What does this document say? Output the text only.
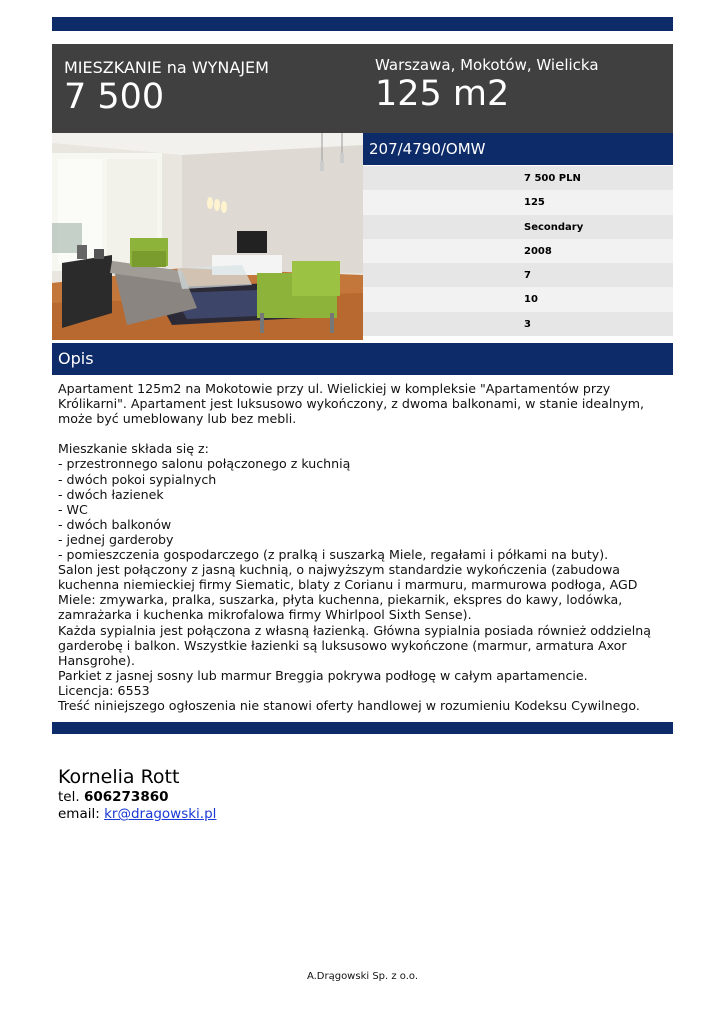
MIESZKANIE na WYNAJEM
7 500
Warszawa, Mokotów, Wielicka
125 m2
207/4790/OMW
7 500 PLN
125
Secondary
2008
7
10
3
Opis

Apartament 125m2 na Mokotowie przy ul. Wielickiej w kompleksie "Apartamentów przy Królikarni". Apartament jest luksusowo wykończony, z dwoma balkonami, w stanie idealnym, może być umeblowany lub bez mebli.

Mieszkanie składa się z:
- przestronnego salonu połączonego z kuchnią
- dwóch pokoi sypialnych
- dwóch łazienek
- WC
- dwóch balkonów
- jednej garderoby
- pomieszczenia gospodarczego (z pralką i suszarką Miele, regałami i półkami na buty).
Salon jest połączony z jasną kuchnią, o najwyższym standardzie wykończenia (zabudowa kuchenna niemieckiej firmy Siematic, blaty z Corianu i marmuru, marmurowa podłoga, AGD Miele: zmywarka, pralka, suszarka, płyta kuchenna, piekarnik, ekspres do kawy, lodówka, zamrażarka i kuchenka mikrofalowa firmy Whirlpool Sixth Sense).
Każda sypialnia jest połączona z własną łazienką. Główna sypialnia posiada również oddzielną garderobę i balkon. Wszystkie łazienki są luksusowo wykończone (marmur, armatura Axor Hansgrohe).
Parkiet z jasnej sosny lub marmur Breggia pokrywa podłogę w całym apartamencie.
Licencja: 6553
Treść niniejszego ogłoszenia nie stanowi oferty handlowej w rozumieniu Kodeksu Cywilnego.

Kornelia Rott
tel. 606273860
email: kr@dragowski.pl
A.Drągowski Sp. z o.o.
